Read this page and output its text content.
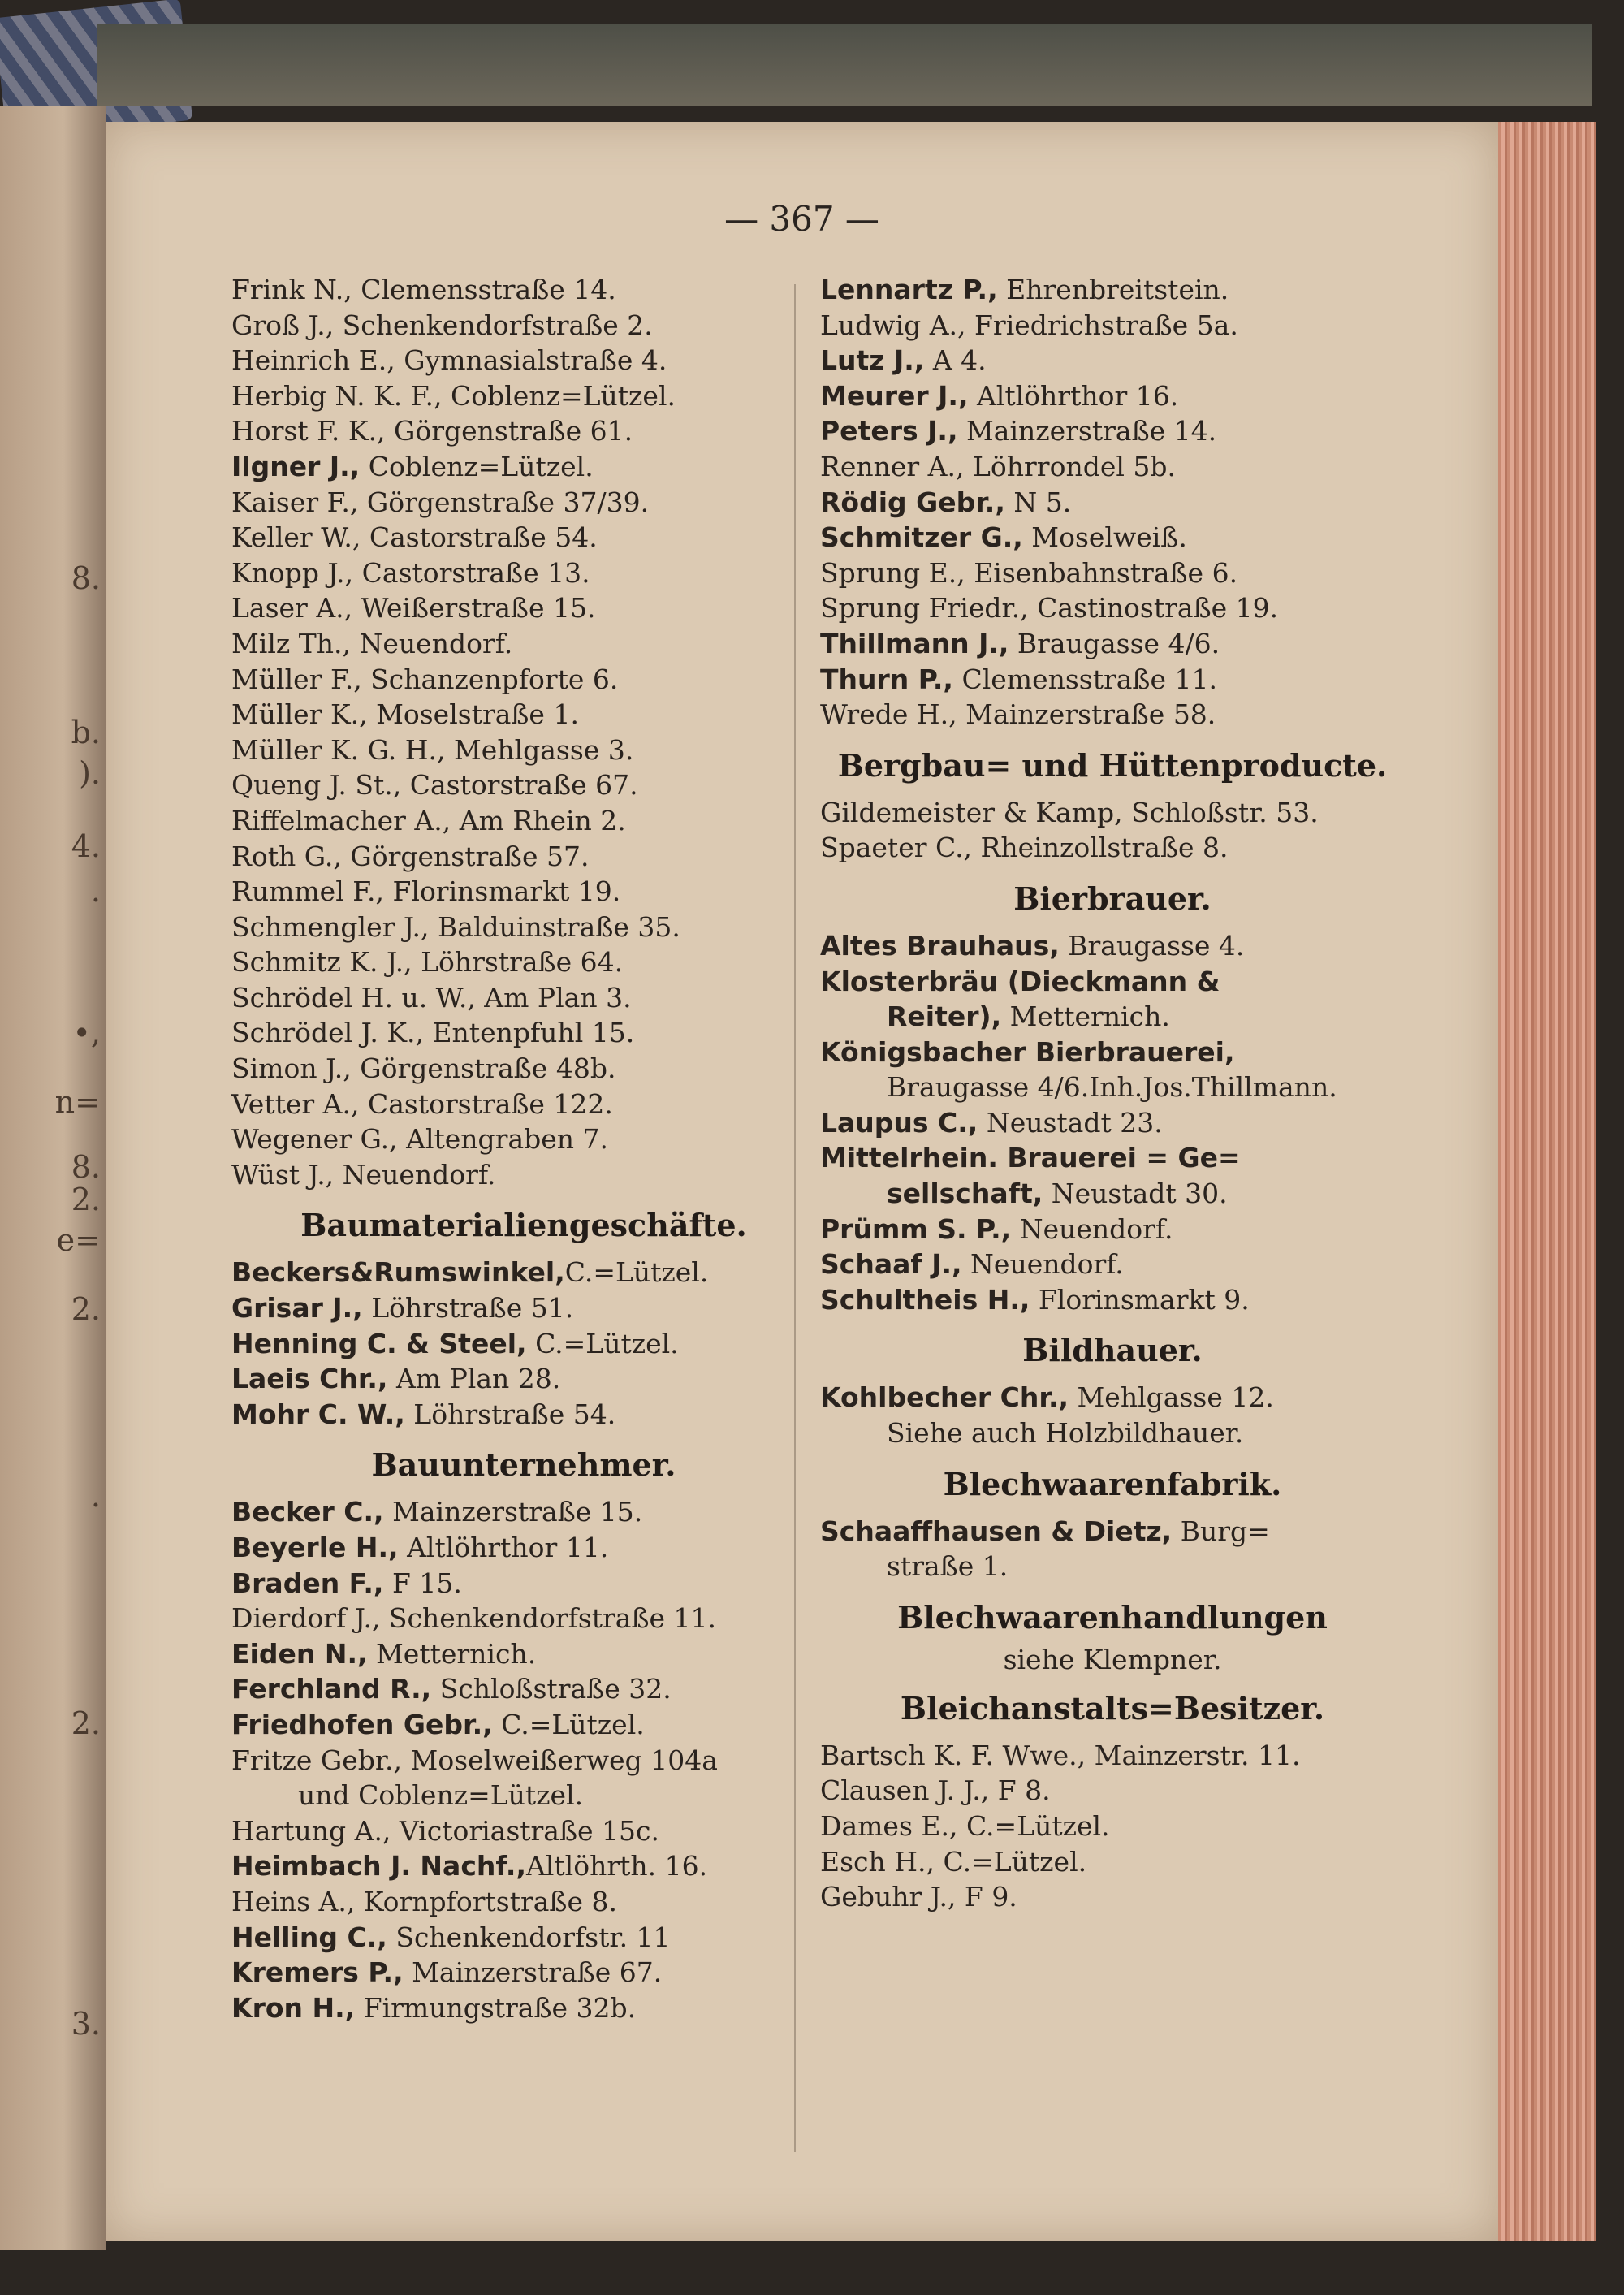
8.
b.
).
4.
.
•,
n=
8.
2.
e=
2.
.
2.
3.
— 367 —
Frink N., Clemensstraße 14.
Groß J., Schenkendorfstraße 2.
Heinrich E., Gymnasialstraße 4.
Herbig N. K. F., Coblenz=Lützel.
Horst F. K., Görgenstraße 61.
Ilgner J., Coblenz=Lützel.
Kaiser F., Görgenstraße 37/39.
Keller W., Castorstraße 54.
Knopp J., Castorstraße 13.
Laser A., Weißerstraße 15.
Milz Th., Neuendorf.
Müller F., Schanzenpforte 6.
Müller K., Moselstraße 1.
Müller K. G. H., Mehlgasse 3.
Queng J. St., Castorstraße 67.
Riffelmacher A., Am Rhein 2.
Roth G., Görgenstraße 57.
Rummel F., Florinsmarkt 19.
Schmengler J., Balduinstraße 35.
Schmitz K. J., Löhrstraße 64.
Schrödel H. u. W., Am Plan 3.
Schrödel J. K., Entenpfuhl 15.
Simon J., Görgenstraße 48b.
Vetter A., Castorstraße 122.
Wegener G., Altengraben 7.
Wüst J., Neuendorf.
Baumaterialiengeschäfte.
Beckers&Rumswinkel,C.=Lützel.
Grisar J., Löhrstraße 51.
Henning C. & Steel, C.=Lützel.
Laeis Chr., Am Plan 28.
Mohr C. W., Löhrstraße 54.
Bauunternehmer.
Becker C., Mainzerstraße 15.
Beyerle H., Altlöhrthor 11.
Braden F., F 15.
Dierdorf J., Schenkendorfstraße 11.
Eiden N., Metternich.
Ferchland R., Schloßstraße 32.
Friedhofen Gebr., C.=Lützel.
Fritze Gebr., Moselweißerweg 104a
und Coblenz=Lützel.
Hartung A., Victoriastraße 15c.
Heimbach J. Nachf.,Altlöhrth. 16.
Heins A., Kornpfortstraße 8.
Helling C., Schenkendorfstr. 11
Kremers P., Mainzerstraße 67.
Kron H., Firmungstraße 32b.
Lennartz P., Ehrenbreitstein.
Ludwig A., Friedrichstraße 5a.
Lutz J., A 4.
Meurer J., Altlöhrthor 16.
Peters J., Mainzerstraße 14.
Renner A., Löhrrondel 5b.
Rödig Gebr., N 5.
Schmitzer G., Moselweiß.
Sprung E., Eisenbahnstraße 6.
Sprung Friedr., Castinostraße 19.
Thillmann J., Braugasse 4/6.
Thurn P., Clemensstraße 11.
Wrede H., Mainzerstraße 58.
Bergbau= und Hüttenproducte.
Gildemeister & Kamp, Schloßstr. 53.
Spaeter C., Rheinzollstraße 8.
Bierbrauer.
Altes Brauhaus, Braugasse 4.
Klosterbräu (Dieckmann &
Reiter), Metternich.
Königsbacher Bierbrauerei,
Braugasse 4/6.Inh.Jos.Thillmann.
Laupus C., Neustadt 23.
Mittelrhein. Brauerei = Ge=
sellschaft, Neustadt 30.
Prümm S. P., Neuendorf.
Schaaf J., Neuendorf.
Schultheis H., Florinsmarkt 9.
Bildhauer.
Kohlbecher Chr., Mehlgasse 12.
Siehe auch Holzbildhauer.
Blechwaarenfabrik.
Schaaffhausen & Dietz, Burg=
straße 1.
Blechwaarenhandlungen
siehe Klempner.
Bleichanstalts=Besitzer.
Bartsch K. F. Wwe., Mainzerstr. 11.
Clausen J. J., F 8.
Dames E., C.=Lützel.
Esch H., C.=Lützel.
Gebuhr J., F 9.
